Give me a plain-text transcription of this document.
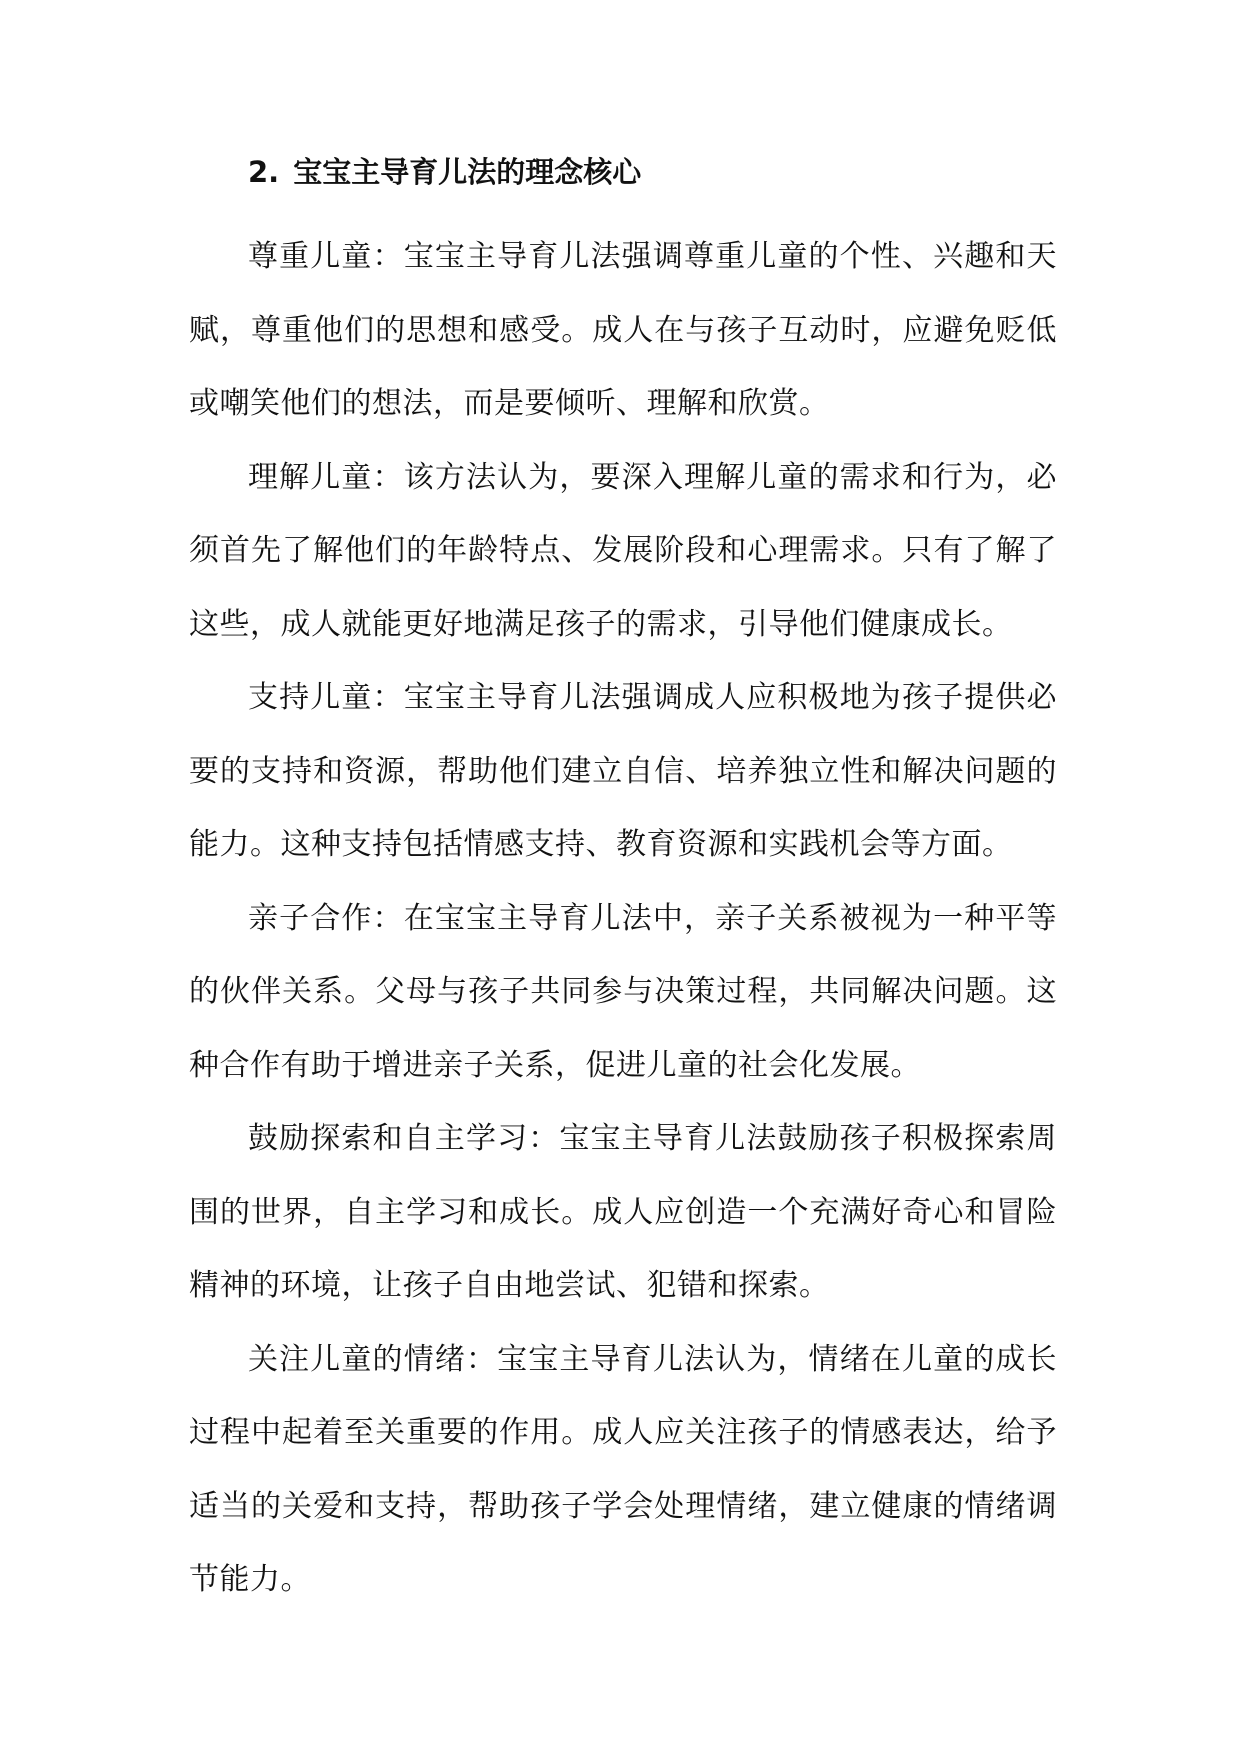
2. 宝宝主导育儿法的理念核心

尊重儿童：宝宝主导育儿法强调尊重儿童的个性、兴趣和天赋，尊重他们的思想和感受。成人在与孩子互动时，应避免贬低或嘲笑他们的想法，而是要倾听、理解和欣赏。

理解儿童：该方法认为，要深入理解儿童的需求和行为，必须首先了解他们的年龄特点、发展阶段和心理需求。只有了解了这些，成人就能更好地满足孩子的需求，引导他们健康成长。

支持儿童：宝宝主导育儿法强调成人应积极地为孩子提供必要的支持和资源，帮助他们建立自信、培养独立性和解决问题的能力。这种支持包括情感支持、教育资源和实践机会等方面。

亲子合作：在宝宝主导育儿法中，亲子关系被视为一种平等的伙伴关系。父母与孩子共同参与决策过程，共同解决问题。这种合作有助于增进亲子关系，促进儿童的社会化发展。

鼓励探索和自主学习：宝宝主导育儿法鼓励孩子积极探索周围的世界，自主学习和成长。成人应创造一个充满好奇心和冒险精神的环境，让孩子自由地尝试、犯错和探索。

关注儿童的情绪：宝宝主导育儿法认为，情绪在儿童的成长过程中起着至关重要的作用。成人应关注孩子的情感表达，给予适当的关爱和支持，帮助孩子学会处理情绪，建立健康的情绪调节能力。
